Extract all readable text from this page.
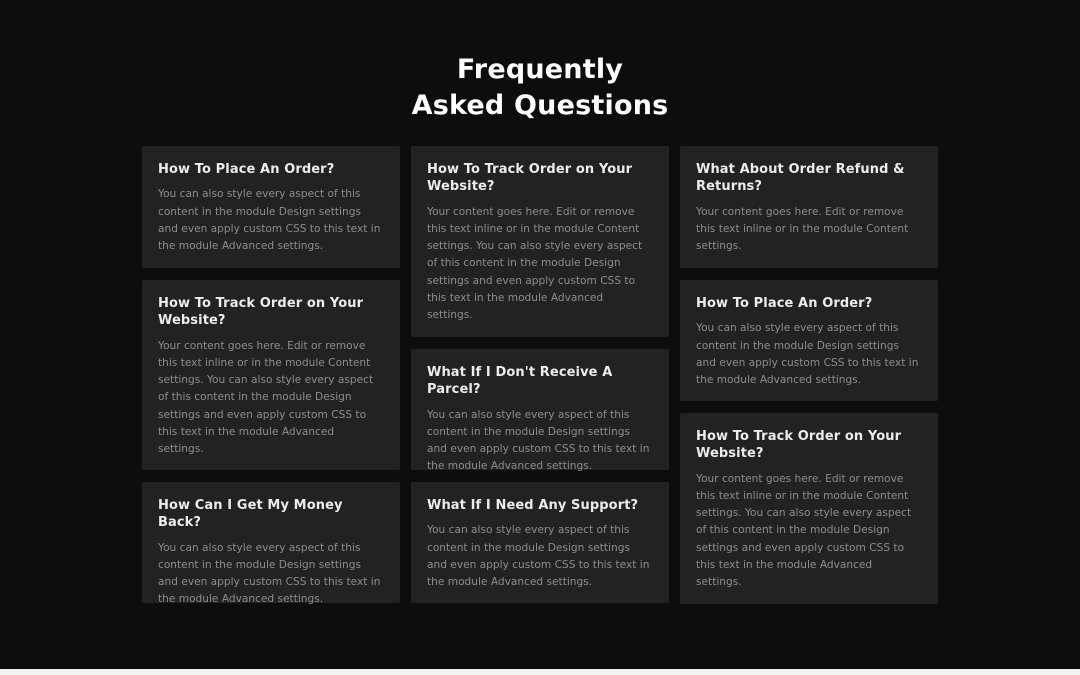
Frequently
Asked Questions
How To Place An Order?

You can also style every aspect of this
content in the module Design settings
and even apply custom CSS to this text in
the module Advanced settings.

How To Track Order on Your
Website?

Your content goes here. Edit or remove
this text inline or in the module Content
settings. You can also style every aspect
of this content in the module Design
settings and even apply custom CSS to
this text in the module Advanced
settings.

How Can I Get My Money Back?

You can also style every aspect of this
content in the module Design settings
and even apply custom CSS to this text in
the module Advanced settings.

How To Track Order on Your
Website?

Your content goes here. Edit or remove
this text inline or in the module Content
settings. You can also style every aspect
of this content in the module Design
settings and even apply custom CSS to
this text in the module Advanced
settings.

What If I Don't Receive A Parcel?

You can also style every aspect of this
content in the module Design settings
and even apply custom CSS to this text in
the module Advanced settings.

What If I Need Any Support?

You can also style every aspect of this
content in the module Design settings
and even apply custom CSS to this text in
the module Advanced settings.

What About Order Refund &
Returns?

Your content goes here. Edit or remove
this text inline or in the module Content
settings.

How To Place An Order?

You can also style every aspect of this
content in the module Design settings
and even apply custom CSS to this text in
the module Advanced settings.

How To Track Order on Your
Website?

Your content goes here. Edit or remove
this text inline or in the module Content
settings. You can also style every aspect
of this content in the module Design
settings and even apply custom CSS to
this text in the module Advanced
settings.
